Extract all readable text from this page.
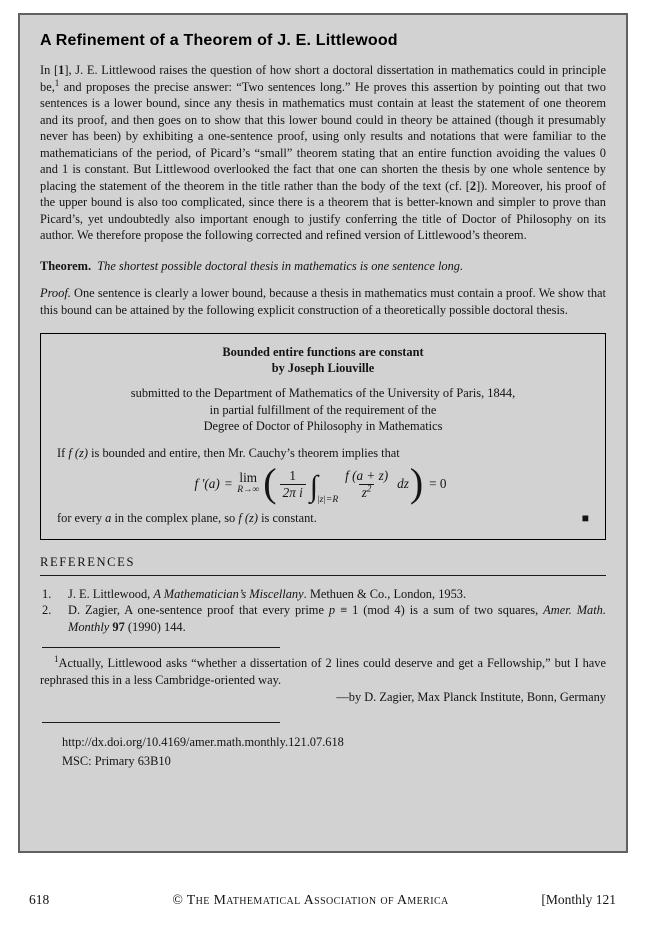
A Refinement of a Theorem of J. E. Littlewood

In [1], J. E. Littlewood raises the question of how short a doctoral dissertation in mathematics could in principle be,$^1$ and proposes the precise answer: “Two sentences long.” He proves this assertion by pointing out that two sentences is a lower bound, since any thesis in mathematics must contain at least the statement of one theorem and its proof, and then goes on to show that this lower bound could in theory be attained (though it presumably never has been) by exhibiting a one-sentence proof, using only results and notations that were familiar to the mathematicians of the period, of Picard’s “small” theorem stating that an entire function avoiding the values 0 and 1 is constant. But Littlewood overlooked the fact that one can shorten the thesis by one whole sentence by placing the statement of the theorem in the title rather than the body of the text (cf. [2]). Moreover, his proof of the upper bound is also too complicated, since there is a theorem that is better-known and simpler to prove than Picard’s, yet undoubtedly also important enough to justify conferring the title of Doctor of Philosophy on its author. We therefore propose the following corrected and refined version of Littlewood’s theorem.

Theorem. The shortest possible doctoral thesis in mathematics is one sentence long.

Proof. One sentence is clearly a lower bound, because a thesis in mathematics must contain a proof. We show that this bound can be attained by the following explicit construction of a theoretically possible doctoral thesis.

Bounded entire functions are constant
by Joseph Liouville
submitted to the Department of Mathematics of the University of Paris, 1844,
in partial fulfillment of the requirement of the
Degree of Doctor of Philosophy in Mathematics

If f (z) is bounded and entire, then Mr. Cauchy’s theorem implies that

f ′(a) = lim
R→∞ ( $\frac{1}{\text{2π i}}$ ∫ |z|=R
$\frac{f (a + z)}{z^2}$ dz ) = 0
for every a in the complex plane, so f (z) is constant.	■
REFERENCES
1.	J. E. Littlewood, A Mathematician’s Miscellany. Methuen & Co., London, 1953.
2.	D. Zagier, A one-sentence proof that every prime p ≡ 1 (mod 4) is a sum of two squares, Amer. Math. Monthly 97 (1990) 144.

$^1$Actually, Littlewood asks “whether a dissertation of 2 lines could deserve and get a Fellowship,” but I have rephrased this in a less Cambridge-oriented way.

—by D. Zagier, Max Planck Institute, Bonn, Germany

http://dx.doi.org/10.4169/amer.math.monthly.121.07.618
MSC: Primary 63B10
618	© The Mathematical Association of America	[Monthly 121
